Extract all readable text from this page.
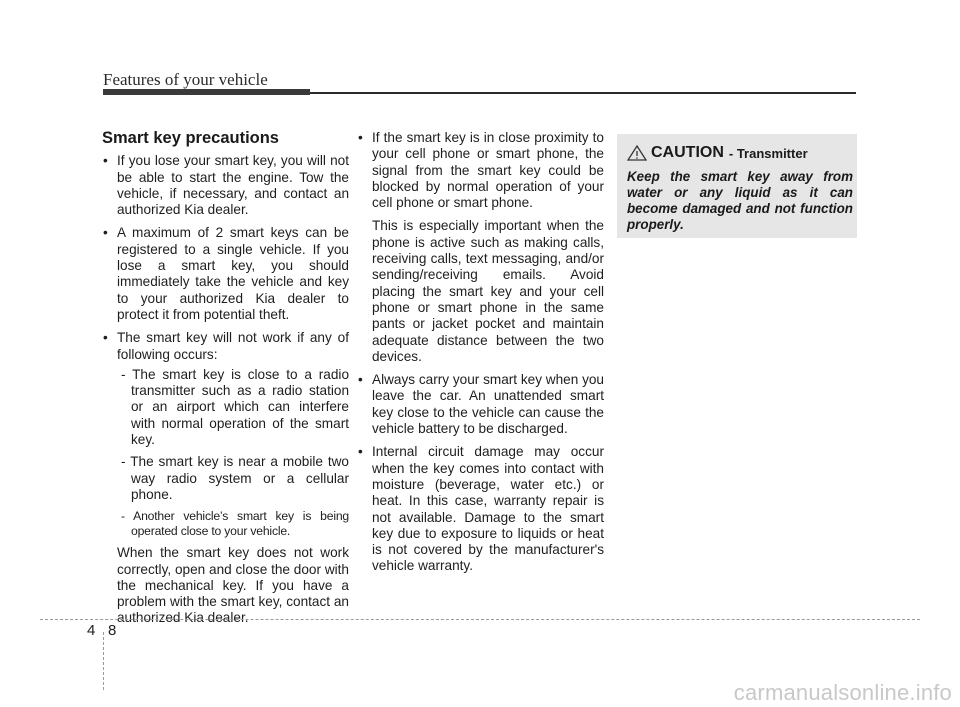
Features of your vehicle
Smart key precautions
• If you lose your smart key, you will not be able to start the engine. Tow the vehicle, if necessary, and contact an authorized Kia dealer.
• A maximum of 2 smart keys can be registered to a single vehicle. If you lose a smart key, you should immediately take the vehicle and key to your authorized Kia dealer to protect it from potential theft.
• The smart key will not work if any of following occurs:
- The smart key is close to a radio transmitter such as a radio station or an airport which can interfere with normal operation of the smart key.
- The smart key is near a mobile two way radio system or a cellular phone.
- Another vehicle’s smart key is being operated close to your vehicle.
When the smart key does not work correctly, open and close the door with the mechanical key. If you have a problem with the smart key, contact an authorized Kia dealer.
• If the smart key is in close proximity to your cell phone or smart phone, the signal from the smart key could be blocked by normal operation of your cell phone or smart phone.
This is especially important when the phone is active such as making calls, receiving calls, text messaging, and/or sending/receiving emails. Avoid placing the smart key and your cell phone or smart phone in the same pants or jacket pocket and maintain adequate distance between the two devices.
• Always carry your smart key when you leave the car. An unattended smart key close to the vehicle can cause the vehicle battery to be discharged.
• Internal circuit damage may occur when the key comes into contact with moisture (beverage, water etc.) or heat. In this case, warranty repair is not available. Damage to the smart key due to exposure to liquids or heat is not covered by the manufacturer's vehicle warranty.
CAUTION - Transmitter
Keep the smart key away from water or any liquid as it can become damaged and not function properly.
4 8
carmanualsonline.info
